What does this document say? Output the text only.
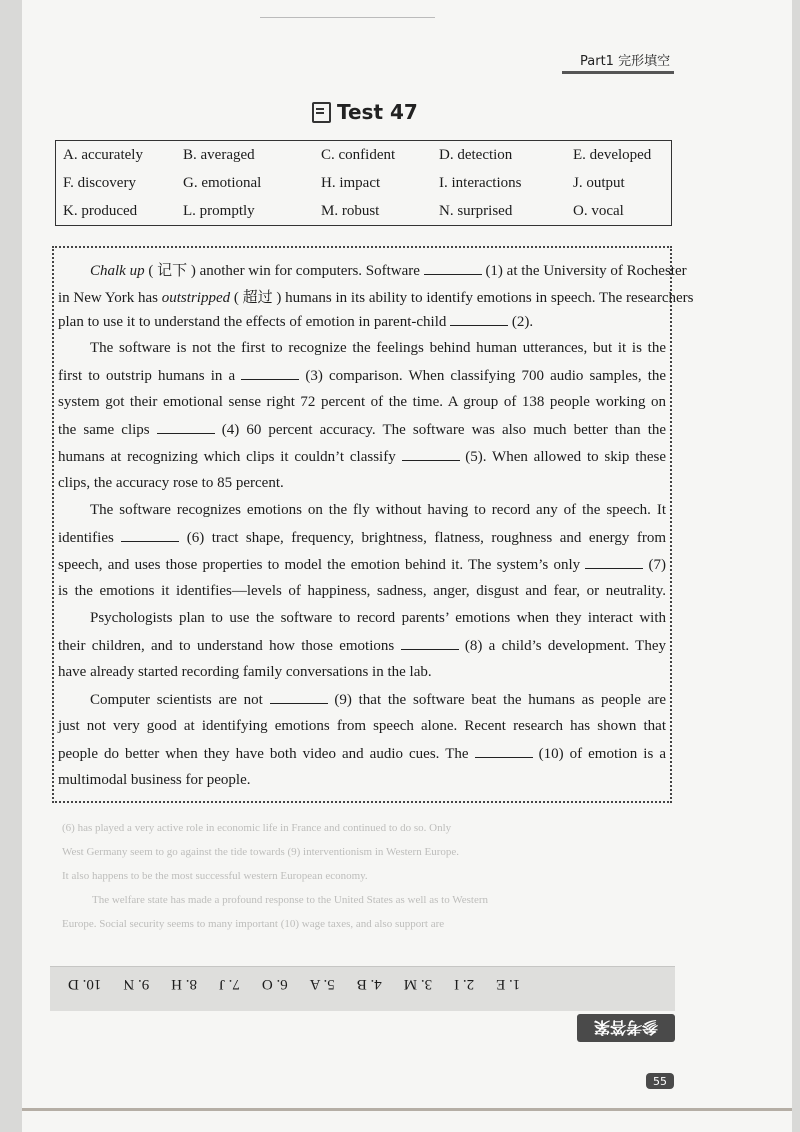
Part1 完形填空
Test 47
A. accurately	B. averaged	C. confident	D. detection	E. developed
F. discovery	G. emotional	H. impact	I. interactions	J. output
K. produced	L. promptly	M. robust	N. surprised	O. vocal
Chalk up ( 记下 ) another win for computers. Software	(1) at the University of Rochester
in New York has outstripped ( 超过 ) humans in its ability to identify emotions in speech. The researchers
plan to use it to understand the effects of emotion in parent-child	(2).
The software is not the first to recognize the feelings behind human utterances, but it is the
first to outstrip humans in a	(3) comparison. When classifying 700 audio samples, the
system got their emotional sense right 72 percent of the time. A group of 138 people working on
the same clips	(4) 60 percent accuracy. The software was also much better than the
humans at recognizing which clips it couldn’t classify	(5). When allowed to skip these
clips, the accuracy rose to 85 percent.
The software recognizes emotions on the fly without having to record any of the speech. It
identifies	(6) tract shape, frequency, brightness, flatness, roughness and energy from
speech, and uses those properties to model the emotion behind it. The system’s only	(7)
is the emotions it identifies—levels of happiness, sadness, anger, disgust and fear, or neutrality.
Psychologists plan to use the software to record parents’ emotions when they interact with
their children, and to understand how those emotions	(8) a child’s development. They
have already started recording family conversations in the lab.
Computer scientists are not	(9) that the software beat the humans as people are
just not very good at identifying emotions from speech alone. Recent research has shown that
people do better when they have both video and audio cues. The	(10) of emotion is a
multimodal business for people.
(6) has played a very active role in economic life in France and continued to do so. Only
West Germany seem to go against the tide towards (9) interventionism in Western Europe.
It also happens to be the most successful western European economy.
The welfare state has made a profound response to the United States as well as to Western
Europe. Social security seems to many important (10) wage taxes, and also support are
1. E
2. I
3. M
4. B
5. A
6. O
7. J
8. H
9. N
10. D
参考答案
55
